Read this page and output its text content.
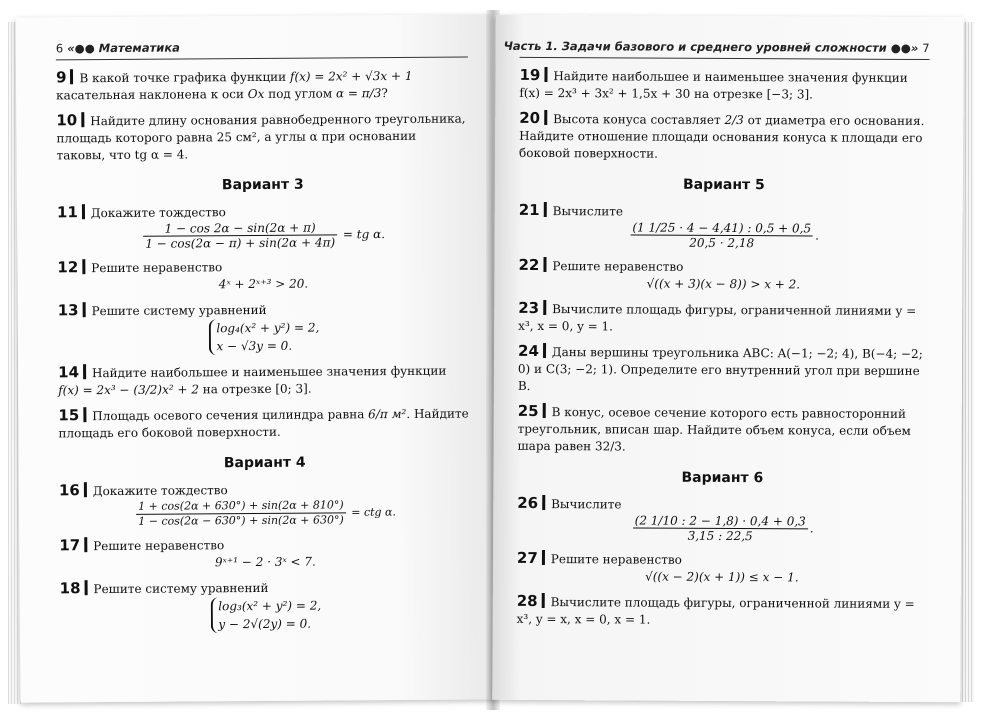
6 «●● Математика
9 В какой точке графика функции f(x) = 2x² + √3x + 1 касательная наклонена к оси Ox под углом α = π/3?
10 Найдите длину основания равнобедренного треугольника, площадь которого равна 25 см², а углы α при основании таковы, что tg α = 4.
Вариант 3
11 Докажите тождество
$\frac{1 - \cos 2\alpha - \sin(2\alpha + \pi)}{1 - \cos(2\alpha - \pi) + \sin(2\alpha + 4\pi)}$ = tg α.
12 Решите неравенство
4ˣ + 2ˣ⁺³ > 20.
13 Решите систему уравнений
log₄(x² + y²) = 2,
x − √3y = 0.
14 Найдите наибольшее и наименьшее значения функции
f(x) = 2x³ − (3/2)x² + 2 на отрезке [0; 3].
15 Площадь осевого сечения цилиндра равна 6/π м². Найдите площадь его боковой поверхности.
Вариант 4
16 Докажите тождество
$\frac{1 + \cos(2\alpha + 630^\circ) + \sin(2\alpha + 810^\circ)}{1 - \cos(2\alpha - 630^\circ) + \sin(2\alpha + 630^\circ)}$ = ctg α.
17 Решите неравенство
9ˣ⁺¹ − 2 · 3ˣ < 7.
18 Решите систему уравнений
log₃(x² + y²) = 2,
y − 2√(2y) = 0.
Часть 1. Задачи базового и среднего уровней сложности ●●» 7
19 Найдите наибольшее и наименьшее значения функции f(x) = 2x³ + 3x² + 1,5x + 30 на отрезке [−3; 3].
20 Высота конуса составляет 2/3 от диаметра его основания.
Найдите отношение площади основания конуса к площади его боковой поверхности.
Вариант 5
21 Вычислите
$\frac{(1 1/25 \cdot 4 - 4,41) : 0,5 + 0,5}{20,5 \cdot 2,18}$ .
22 Решите неравенство
√((x + 3)(x − 8)) > x + 2.
23 Вычислите площадь фигуры, ограниченной линиями y = x³, x = 0, y = 1.
24 Даны вершины треугольника ABC: A(−1; −2; 4), B(−4; −2; 0) и C(3; −2; 1). Определите его внутренний угол при вершине B.
25 В конус, осевое сечение которого есть равносторонний треугольник, вписан шар. Найдите объем конуса, если объем шара равен 32/3.
Вариант 6
26 Вычислите
$\frac{(2 1/10 : 2 - 1,8) \cdot 0,4 + 0,3}{3,15 : 22,5}$ .
27 Решите неравенство
√((x − 2)(x + 1)) ≤ x − 1.
28 Вычислите площадь фигуры, ограниченной линиями y = x³, y = x, x = 0, x = 1.
